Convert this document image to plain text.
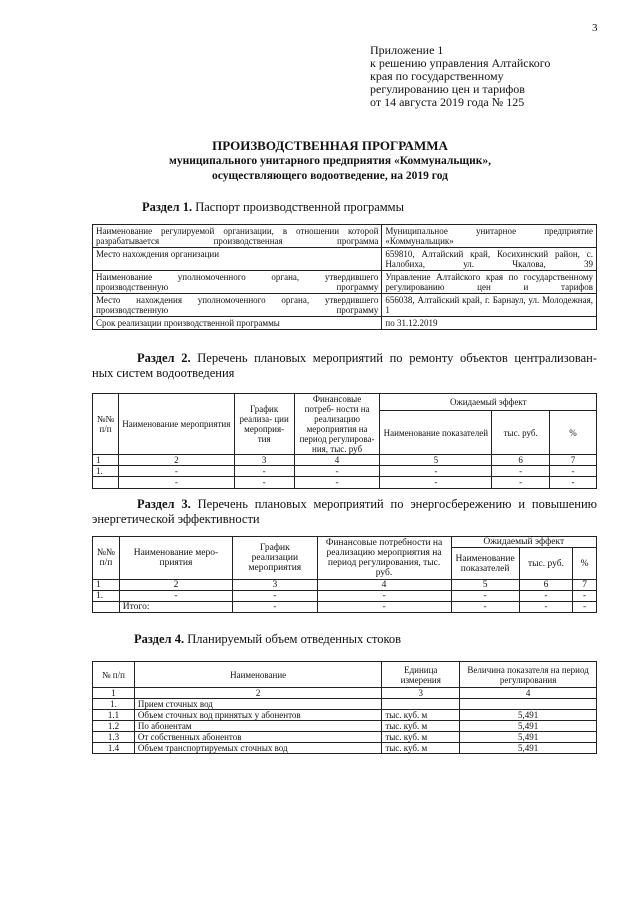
3
Приложение 1
к решению управления Алтайского
края по государственному
регулированию цен и тарифов
от 14 августа 2019 года № 125
ПРОИЗВОДСТВЕННАЯ ПРОГРАММА
муниципального унитарного предприятия «Коммунальщик»,
осуществляющего водоотведение, на 2019 год
Раздел 1. Паспорт производственной программы
Наименование регулируемой организации, в отношении которой разрабатывается производственная программа	Муниципальное унитарное предприятие «Коммунальщик»
Место нахождения организации	659810, Алтайский край, Косихинский район, с. Налобиха, ул. Чкалова, 39
Наименование уполномоченного органа, утвердившего производственную программу	Управление Алтайского края по государственному регулированию цен и тарифов
Место нахождения уполномоченного органа, утвердившего производственную программу	656038, Алтайский край, г. Барнаул, ул. Молодежная, 1
Срок реализации производственной программы	по 31.12.2019
Раздел 2. Перечень плановых мероприятий по ремонту объектов централизован-
ных систем водоотведения
№№ п/п	Наименование мероприятия	График реализа- ции мероприя- тия	Финансовые потреб- ности на реализацию мероприятия на период регулирова- ния, тыс. руб	Ожидаемый эффект		
				Наименование показателей	тыс. руб.	%
1	2	3	4	5	6	7
1.	-	-	-	-	-	-
	-	-	-	-	-	-
Раздел 3. Перечень плановых мероприятий по энергосбережению и повышению
энергетической эффективности
№№ п/п	Наименование меро- приятия	График реализации мероприятия	Финансовые потребности на реализацию мероприятия на период регулирования, тыс. руб.	Ожидаемый эффект		
				Наименование показателей	тыс. руб.	%
1	2	3	4	5	6	7
1.	-	-	-	-	-	-
	Итого:	-	-	-	-	-
Раздел 4. Планируемый объем отведенных стоков
№ п/п	Наименование	Единица измерения	Величина показателя на период регулирования
1	2	3	4
1.	Прием сточных вод		
1.1	Объем сточных вод принятых у абонентов	тыс. куб. м	5,491
1.2	По абонентам	тыс. куб. м	5,491
1.3	От собственных абонентов	тыс. куб. м	5,491
1.4	Объем транспортируемых сточных вод	тыс. куб. м	5,491
